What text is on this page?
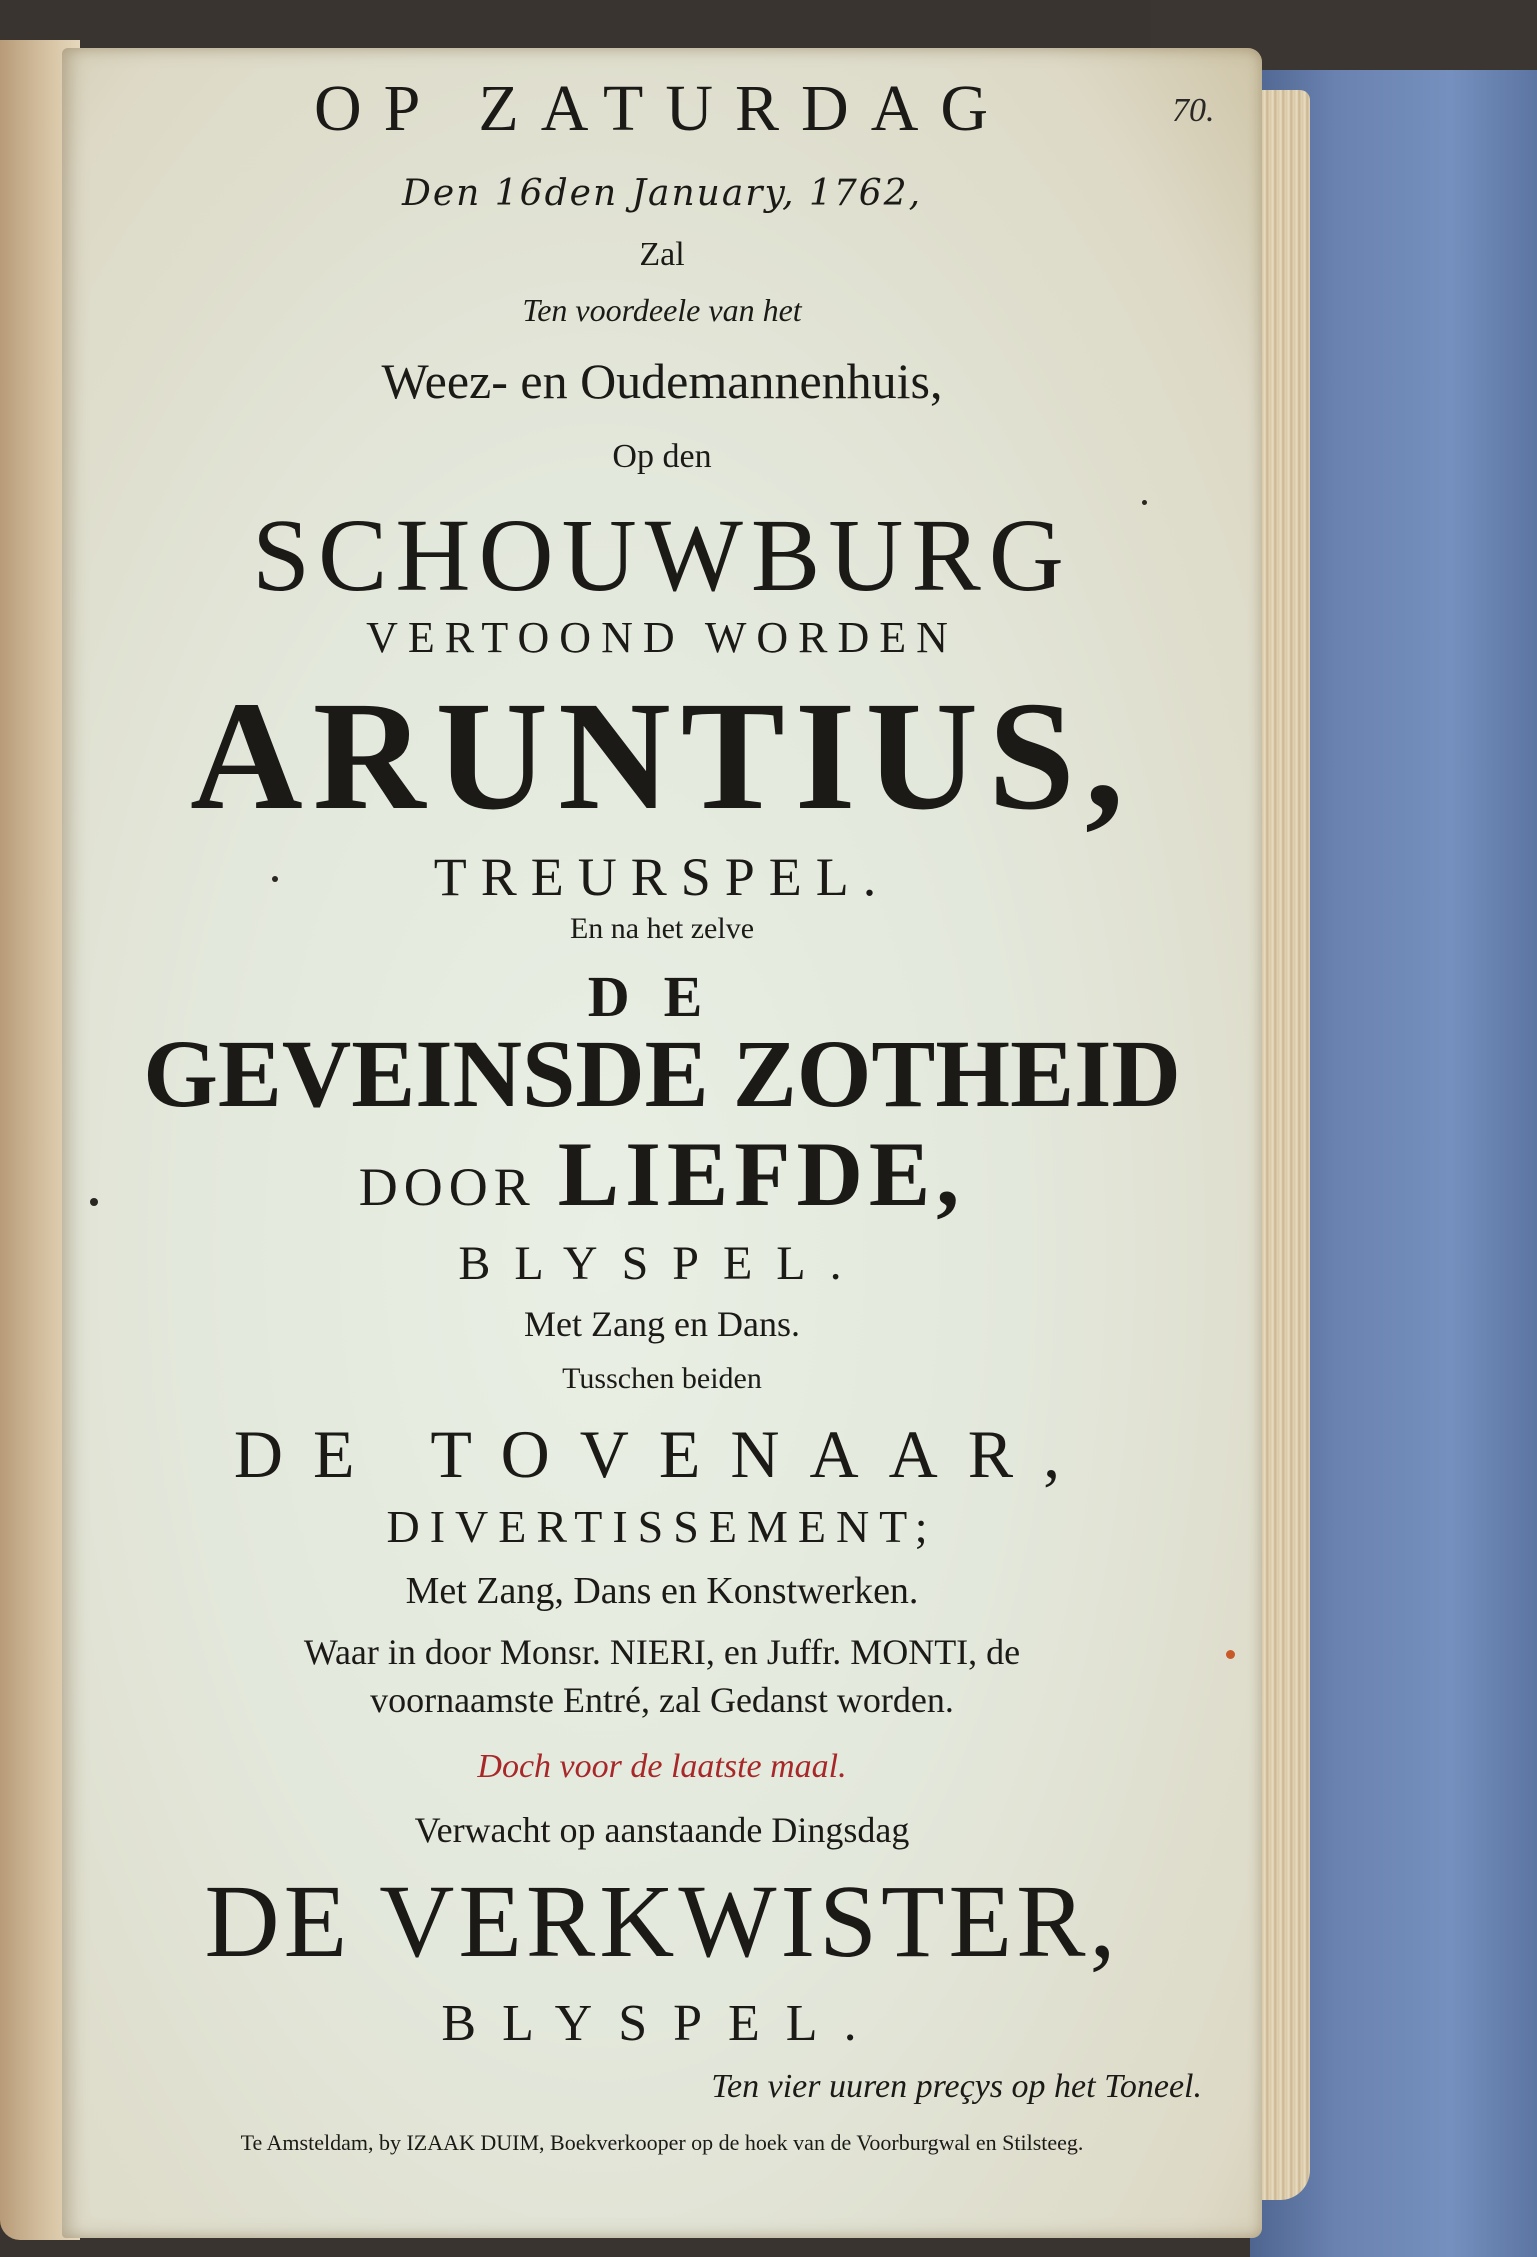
70.
OP ZATURDAG
Den 16den January, 1762,
Zal
Ten voordeele van het
Weez- en Oudemannenhuis,
Op den
SCHOUWBURG
VERTOOND WORDEN
ARUNTIUS,
TREURSPEL.
En na het zelve
DE
GEVEINSDE ZOTHEID
DOOR LIEFDE,
BLYSPEL.
Met Zang en Dans.
Tusschen beiden
DE TOVENAAR,
DIVERTISSEMENT;
Met Zang, Dans en Konstwerken.
Waar in door Monsr. NIERI, en Juffr. MONTI, de
voornaamste Entré, zal Gedanst worden.
Doch voor de laatste maal.
Verwacht op aanstaande Dingsdag
DE VERKWISTER,
BLYSPEL.
Ten vier uuren preçys op het Toneel.
Te Amsteldam, by IZAAK DUIM, Boekverkooper op de hoek van de Voorburgwal en Stilsteeg.
